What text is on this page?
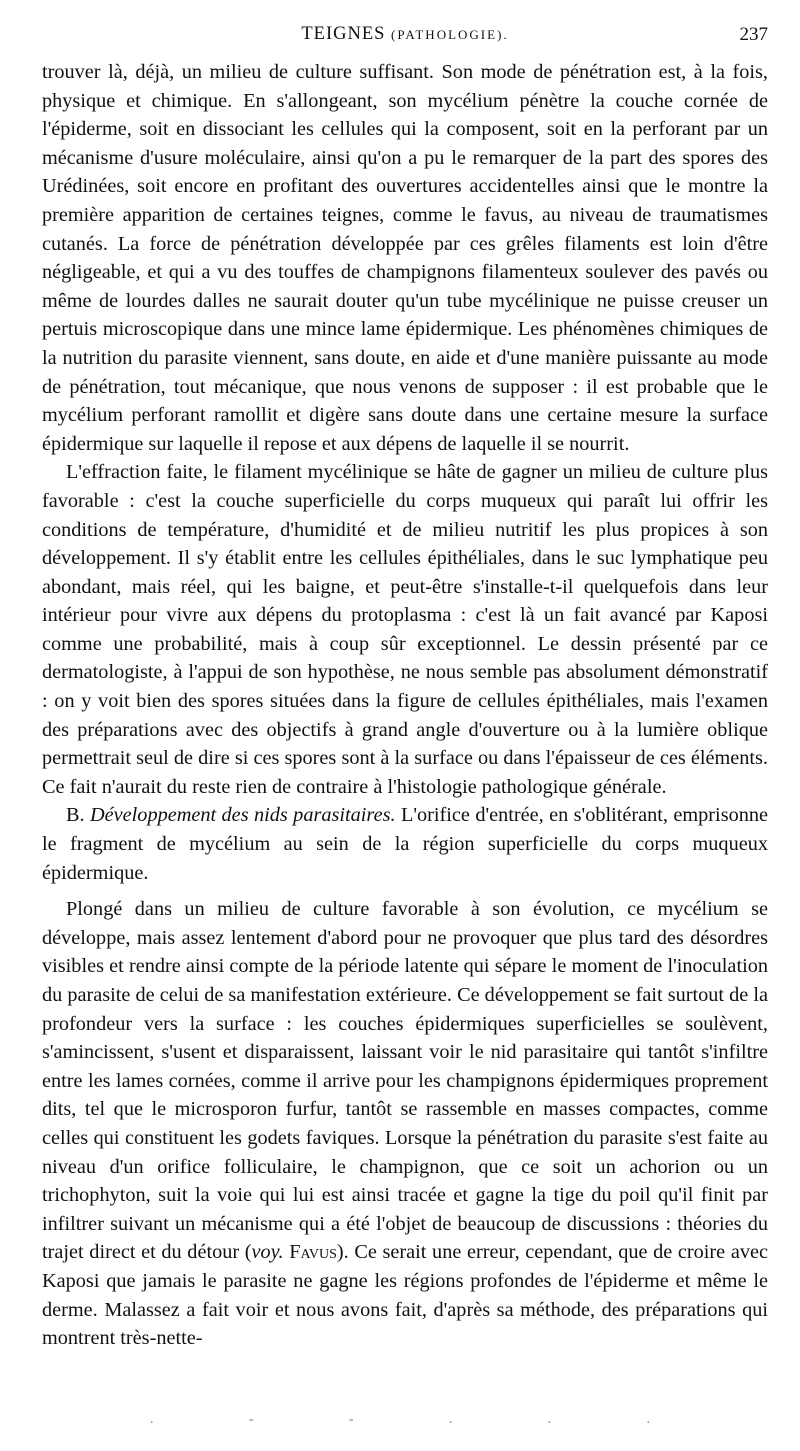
TEIGNES (PATHOLOGIE).	237

trouver là, déjà, un milieu de culture suffisant. Son mode de pénétration est, à la fois, physique et chimique. En s'allongeant, son mycélium pénètre la couche cornée de l'épiderme, soit en dissociant les cellules qui la composent, soit en la perforant par un mécanisme d'usure moléculaire, ainsi qu'on a pu le remarquer de la part des spores des Urédinées, soit encore en profitant des ouvertures accidentelles ainsi que le montre la première apparition de certaines teignes, comme le favus, au niveau de traumatismes cutanés. La force de pénétration développée par ces grêles filaments est loin d'être négligeable, et qui a vu des touffes de champignons filamenteux soulever des pavés ou même de lourdes dalles ne saurait douter qu'un tube mycélinique ne puisse creuser un pertuis microscopique dans une mince lame épidermique. Les phénomènes chimiques de la nutrition du parasite viennent, sans doute, en aide et d'une manière puissante au mode de pénétration, tout mécanique, que nous venons de supposer : il est probable que le mycélium perforant ramollit et digère sans doute dans une certaine mesure la surface épidermique sur laquelle il repose et aux dépens de laquelle il se nourrit.

L'effraction faite, le filament mycélinique se hâte de gagner un milieu de culture plus favorable : c'est la couche superficielle du corps muqueux qui paraît lui offrir les conditions de température, d'humidité et de milieu nutritif les plus propices à son développement. Il s'y établit entre les cellules épithéliales, dans le suc lymphatique peu abondant, mais réel, qui les baigne, et peut-être s'installe-t-il quelquefois dans leur intérieur pour vivre aux dépens du protoplasma : c'est là un fait avancé par Kaposi comme une probabilité, mais à coup sûr exceptionnel. Le dessin présenté par ce dermatologiste, à l'appui de son hypothèse, ne nous semble pas absolument démonstratif : on y voit bien des spores situées dans la figure de cellules épithéliales, mais l'examen des préparations avec des objectifs à grand angle d'ouverture ou à la lumière oblique permettrait seul de dire si ces spores sont à la surface ou dans l'épaisseur de ces éléments. Ce fait n'aurait du reste rien de contraire à l'histologie pathologique générale.

B. Développement des nids parasitaires. L'orifice d'entrée, en s'oblitérant, emprisonne le fragment de mycélium au sein de la région superficielle du corps muqueux épidermique.

Plongé dans un milieu de culture favorable à son évolution, ce mycélium se développe, mais assez lentement d'abord pour ne provoquer que plus tard des désordres visibles et rendre ainsi compte de la période latente qui sépare le moment de l'inoculation du parasite de celui de sa manifestation extérieure. Ce développement se fait surtout de la profondeur vers la surface : les couches épidermiques superficielles se soulèvent, s'amincissent, s'usent et disparaissent, laissant voir le nid parasitaire qui tantôt s'infiltre entre les lames cornées, comme il arrive pour les champignons épidermiques proprement dits, tel que le microsporon furfur, tantôt se rassemble en masses compactes, comme celles qui constituent les godets faviques. Lorsque la pénétration du parasite s'est faite au niveau d'un orifice folliculaire, le champignon, que ce soit un achorion ou un trichophyton, suit la voie qui lui est ainsi tracée et gagne la tige du poil qu'il finit par infiltrer suivant un mécanisme qui a été l'objet de beaucoup de discussions : théories du trajet direct et du détour (voy. Favus). Ce serait une erreur, cependant, que de croire avec Kaposi que jamais le parasite ne gagne les régions profondes de l'épiderme et même le derme. Malassez a fait voir et nous avons fait, d'après sa méthode, des préparations qui montrent très-nette-

.	-	-	.	.	.
